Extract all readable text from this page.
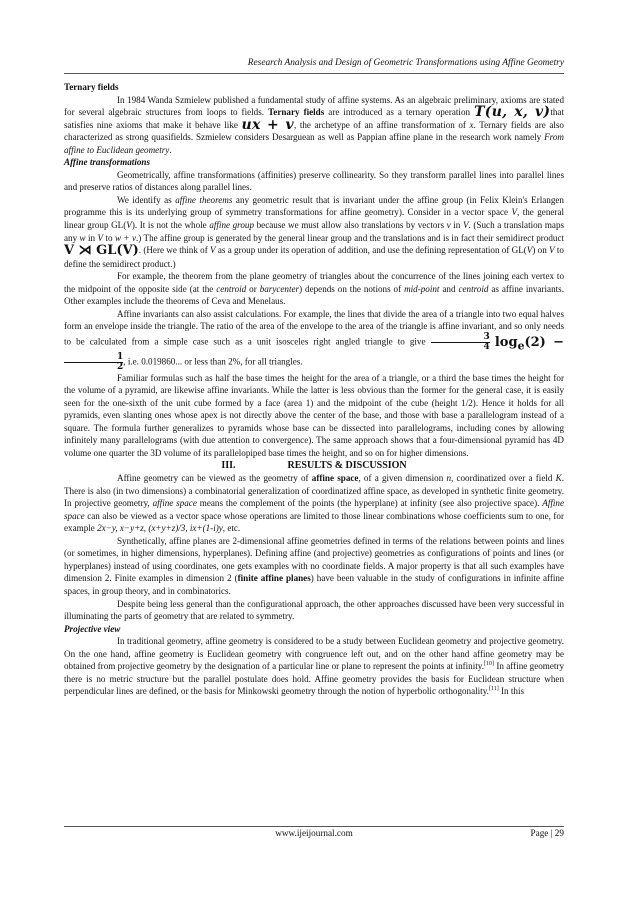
Research Analysis and Design of Geometric Transformations using Affine Geometry

Ternary fields

In 1984 Wanda Szmielew published a fundamental study of affine systems. As an algebraic preliminary, axioms are stated for several algebraic structures from loops to fields. Ternary fields are introduced as a ternary operation T(u, x, v)that satisfies nine axioms that make it behave like ux + v, the archetype of an affine transformation of x. Ternary fields are also characterized as strong quasifields. Szmielew considers Desarguean as well as Pappian affine plane in the research work namely From affine to Euclidean geometry.

Affine transformations

Geometrically, affine transformations (affinities) preserve collinearity. So they transform parallel lines into parallel lines and preserve ratios of distances along parallel lines.

We identify as affine theorems any geometric result that is invariant under the affine group (in Felix Klein's Erlangen programme this is its underlying group of symmetry transformations for affine geometry). Consider in a vector space V, the general linear group GL(V). It is not the whole affine group because we must allow also translations by vectors v in V. (Such a translation maps any w in V to w + v.) The affine group is generated by the general linear group and the translations and is in fact their semidirect product V ⋊ GL(V). (Here we think of V as a group under its operation of addition, and use the defining representation of GL(V) on V to define the semidirect product.)

For example, the theorem from the plane geometry of triangles about the concurrence of the lines joining each vertex to the midpoint of the opposite side (at the centroid or barycenter) depends on the notions of mid-point and centroid as affine invariants. Other examples include the theorems of Ceva and Menelaus.

Affine invariants can also assist calculations. For example, the lines that divide the area of a triangle into two equal halves form an envelope inside the triangle. The ratio of the area of the envelope to the area of the triangle is affine invariant, and so only needs to be calculated from a simple case such as a unit isosceles right angled triangle to give $\frac{3}{4} \log_e(2)$ −
$\frac{1}{2}$ , i.e. 0.019860... or less than 2%, for all triangles.

Familiar formulas such as half the base times the height for the area of a triangle, or a third the base times the height for the volume of a pyramid, are likewise affine invariants. While the latter is less obvious than the former for the general case, it is easily seen for the one-sixth of the unit cube formed by a face (area 1) and the midpoint of the cube (height 1/2). Hence it holds for all pyramids, even slanting ones whose apex is not directly above the center of the base, and those with base a parallelogram instead of a square. The formula further generalizes to pyramids whose base can be dissected into parallelograms, including cones by allowing infinitely many parallelograms (with due attention to convergence). The same approach shows that a four-dimensional pyramid has 4D volume one quarter the 3D volume of its parallelopiped base times the height, and so on for higher dimensions.

III.	RESULTS & DISCUSSION

Affine geometry can be viewed as the geometry of affine space, of a given dimension n, coordinatized over a field K. There is also (in two dimensions) a combinatorial generalization of coordinatized affine space, as developed in synthetic finite geometry. In projective geometry, affine space means the complement of the points (the hyperplane) at infinity (see also projective space). Affine space can also be viewed as a vector space whose operations are limited to those linear combinations whose coefficients sum to one, for example 2x−y, x−y+z, (x+y+z)/3, ix+(1-i)y, etc.

Synthetically, affine planes are 2-dimensional affine geometries defined in terms of the relations between points and lines (or sometimes, in higher dimensions, hyperplanes). Defining affine (and projective) geometries as configurations of points and lines (or hyperplanes) instead of using coordinates, one gets examples with no coordinate fields. A major property is that all such examples have dimension 2. Finite examples in dimension 2 (finite affine planes) have been valuable in the study of configurations in infinite affine spaces, in group theory, and in combinatorics.

Despite being less general than the configurational approach, the other approaches discussed have been very successful in illuminating the parts of geometry that are related to symmetry.

Projective view

In traditional geometry, affine geometry is considered to be a study between Euclidean geometry and projective geometry. On the one hand, affine geometry is Euclidean geometry with congruence left out, and on the other hand affine geometry may be obtained from projective geometry by the designation of a particular line or plane to represent the points at infinity.[10] In affine geometry there is no metric structure but the parallel postulate does hold. Affine geometry provides the basis for Euclidean structure when perpendicular lines are defined, or the basis for Minkowski geometry through the notion of hyperbolic orthogonality.[11] In this

www.ijeijournal.com	Page | 29
